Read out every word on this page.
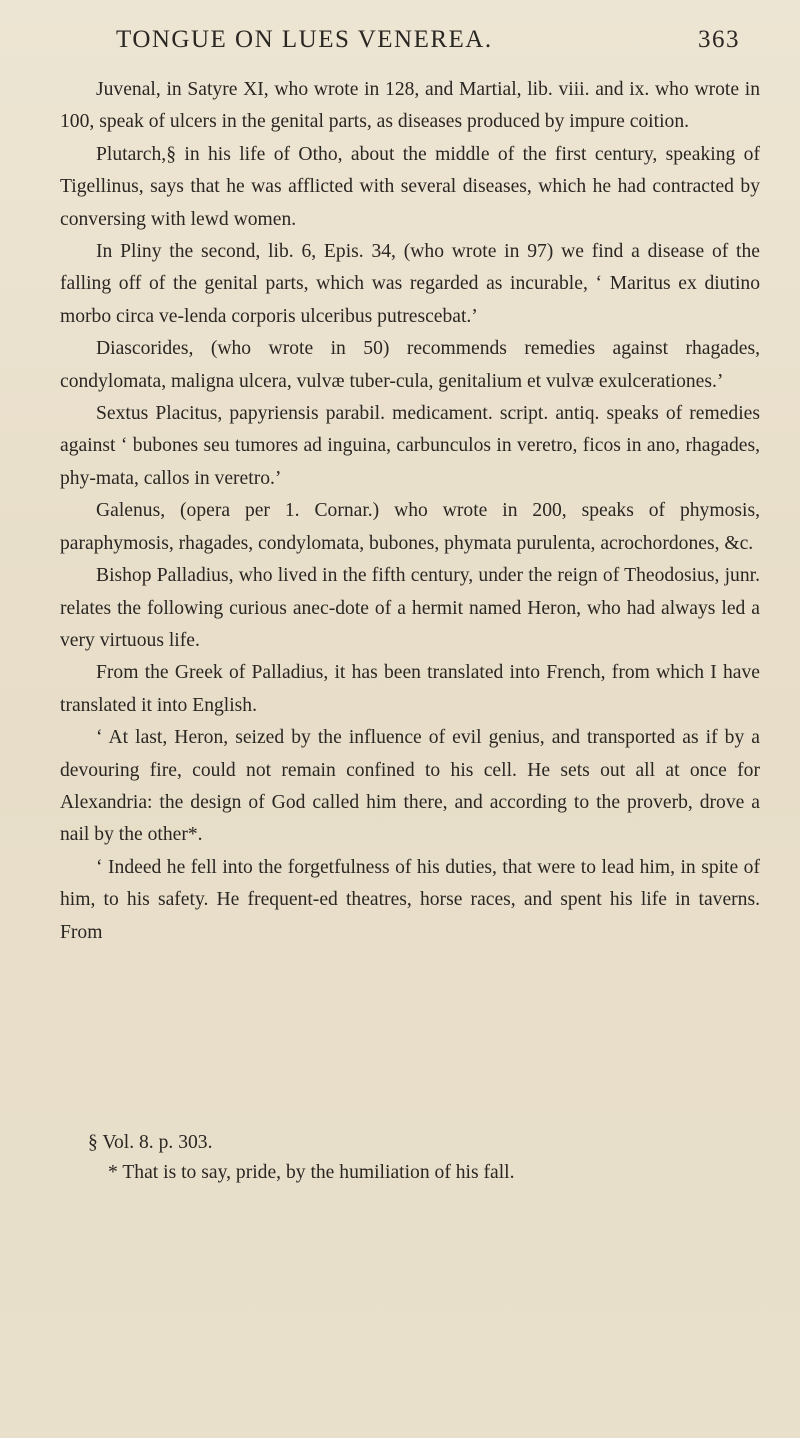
TONGUE ON LUES VENEREA.	363

Juvenal, in Satyre XI, who wrote in 128, and Martial, lib. viii. and ix. who wrote in 100, speak of ulcers in the genital parts, as diseases produced by impure coition.

Plutarch,§ in his life of Otho, about the middle of the first century, speaking of Tigellinus, says that he was afflicted with several diseases, which he had contracted by conversing with lewd women.

In Pliny the second, lib. 6, Epis. 34, (who wrote in 97) we find a disease of the falling off of the genital parts, which was regarded as incurable, ‘ Maritus ex diutino morbo circa ve-lenda corporis ulceribus putrescebat.’

Diascorides, (who wrote in 50) recommends remedies against rhagades, condylomata, maligna ulcera, vulvæ tuber-cula, genitalium et vulvæ exulcerationes.’

Sextus Placitus, papyriensis parabil. medicament. script. antiq. speaks of remedies against ‘ bubones seu tumores ad inguina, carbunculos in veretro, ficos in ano, rhagades, phy-mata, callos in veretro.’

Galenus, (opera per 1. Cornar.) who wrote in 200, speaks of phymosis, paraphymosis, rhagades, condylomata, bubones, phymata purulenta, acrochordones, &c.

Bishop Palladius, who lived in the fifth century, under the reign of Theodosius, junr. relates the following curious anec-dote of a hermit named Heron, who had always led a very virtuous life.

From the Greek of Palladius, it has been translated into French, from which I have translated it into English.

‘ At last, Heron, seized by the influence of evil genius, and transported as if by a devouring fire, could not remain confined to his cell. He sets out all at once for Alexandria: the design of God called him there, and according to the proverb, drove a nail by the other*.

‘ Indeed he fell into the forgetfulness of his duties, that were to lead him, in spite of him, to his safety. He frequent-ed theatres, horse races, and spent his life in taverns. From

§ Vol. 8. p. 303.
* That is to say, pride, by the humiliation of his fall.
